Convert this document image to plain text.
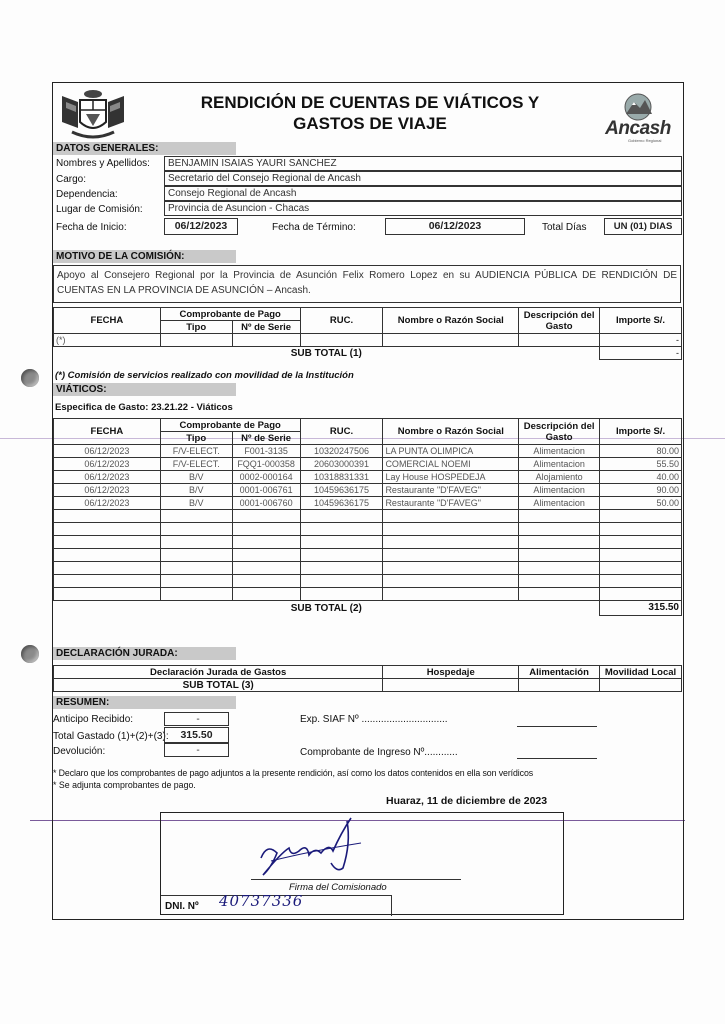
RENDICIÓN DE CUENTAS DE VIÁTICOS Y
GASTOS DE VIAJE	Ancash
Gobierno Regional
DATOS GENERALES:
Nombres y Apellidos:	BENJAMIN ISAIAS YAURI SANCHEZ
Cargo:	Secretario del Consejo Regional de Ancash
Dependencia:	Consejo Regional de Ancash
Lugar de Comisión:	Provincia de Asuncion - Chacas
Fecha de Inicio:	06/12/2023	Fecha de Término:	06/12/2023	Total Días	UN (01) DIAS
MOTIVO DE LA COMISIÓN:
Apoyo al Consejero Regional por la Provincia de Asunción Felix Romero Lopez en su AUDIENCIA PÚBLICA DE RENDICIÓN DE CUENTAS EN LA PROVINCIA DE ASUNCIÓN – Ancash.
FECHA	Comprobante de Pago		RUC.	Nombre o Razón Social	Descripción del Gasto	Importe S/.
	Tipo	Nº de Serie				
(*)						-
SUB TOTAL (1)						-
(*) Comisión de servicios realizado con movilidad de la Institución
VIÁTICOS:
Especifica de Gasto: 23.21.22 - Viáticos
FECHA	Comprobante de Pago		RUC.	Nombre o Razón Social	Descripción del Gasto	Importe S/.
	Tipo	Nº de Serie				
06/12/2023	F/V-ELECT.	F001-3135	10320247506	LA PUNTA OLIMPICA	Alimentacion	80.00
06/12/2023	F/V-ELECT.	FQQ1-000358	20603000391	COMERCIAL NOEMI	Alimentacion	55.50
06/12/2023	B/V	0002-000164	10318831331	Lay House HOSPEDEJA	Alojamiento	40.00
06/12/2023	B/V	0001-006761	10459636175	Restaurante "D'FAVEG"	Alimentacion	90.00
06/12/2023	B/V	0001-006760	10459636175	Restaurante "D'FAVEG"	Alimentacion	50.00

SUB TOTAL (2)						315.50
DECLARACIÓN JURADA:
Declaración Jurada de Gastos	Hospedaje	Alimentación	Movilidad Local
SUB TOTAL (3)			
RESUMEN:
Anticipo Recibido:	-
Total Gastado (1)+(2)+(3):	315.50
Devolución:	-
Exp. SIAF Nº ...............................
Comprobante de Ingreso Nº............
* Declaro que los comprobantes de pago adjuntos a la presente rendición, así como los datos contenidos en ella son verídicos
* Se adjunta comprobantes de pago.
Huaraz, 11 de diciembre de 2023
Firma del Comisionado
DNI. Nº 40737336
